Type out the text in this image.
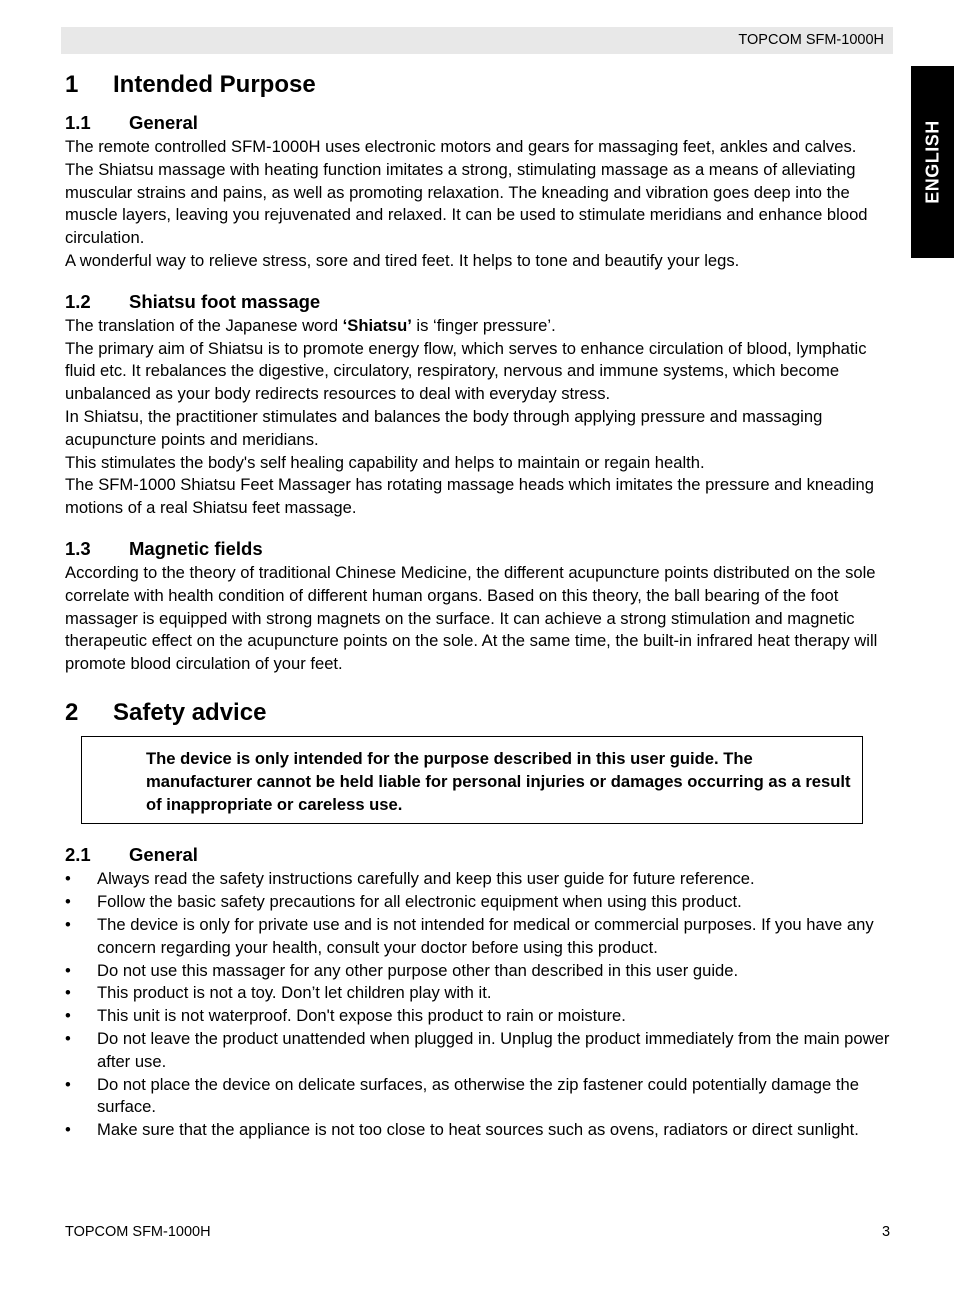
TOPCOM SFM-1000H
ENGLISH
1	Intended Purpose
1.1	General

The remote controlled SFM-1000H uses electronic motors and gears for massaging feet, ankles and calves.

The Shiatsu massage with heating function imitates a strong, stimulating massage as a means of alleviating muscular strains and pains, as well as promoting relaxation. The kneading and vibration goes deep into the muscle layers, leaving you rejuvenated and relaxed. It can be used to stimulate meridians and enhance blood circulation.

A wonderful way to relieve stress, sore and tired feet. It helps to tone and beautify your legs.

1.2	Shiatsu foot massage

The translation of the Japanese word ‘Shiatsu’ is ‘finger pressure’.

The primary aim of Shiatsu is to promote energy flow, which serves to enhance circulation of blood, lymphatic fluid etc. It rebalances the digestive, circulatory, respiratory, nervous and immune systems, which become unbalanced as your body redirects resources to deal with everyday stress.

In Shiatsu, the practitioner stimulates and balances the body through applying pressure and massaging acupuncture points and meridians.

This stimulates the body's self healing capability and helps to maintain or regain health.

The SFM-1000 Shiatsu Feet Massager has rotating massage heads which imitates the pressure and kneading motions of a real Shiatsu feet massage.

1.3	Magnetic fields

According to the theory of traditional Chinese Medicine, the different acupuncture points distributed on the sole correlate with health condition of different human organs. Based on this theory, the ball bearing of the foot massager is equipped with strong magnets on the surface. It can achieve a strong stimulation and magnetic therapeutic effect on the acupuncture points on the sole. At the same time, the built-in infrared heat therapy will promote blood circulation of your feet.

2	Safety advice
The device is only intended for the purpose described in this user guide. The manufacturer cannot be held liable for personal injuries or damages occurring as a result of inappropriate or careless use.
2.1	General
• Always read the safety instructions carefully and keep this user guide for future reference.
• Follow the basic safety precautions for all electronic equipment when using this product.
• The device is only for private use and is not intended for medical or commercial purposes. If you have any concern regarding your health, consult your doctor before using this product.
• Do not use this massager for any other purpose other than described in this user guide.
• This product is not a toy. Don’t let children play with it.
• This unit is not waterproof. Don't expose this product to rain or moisture.
• Do not leave the product unattended when plugged in. Unplug the product immediately from the main power after use.
• Do not place the device on delicate surfaces, as otherwise the zip fastener could potentially damage the surface.
• Make sure that the appliance is not too close to heat sources such as ovens, radiators or direct sunlight.
TOPCOM SFM-1000H	3
